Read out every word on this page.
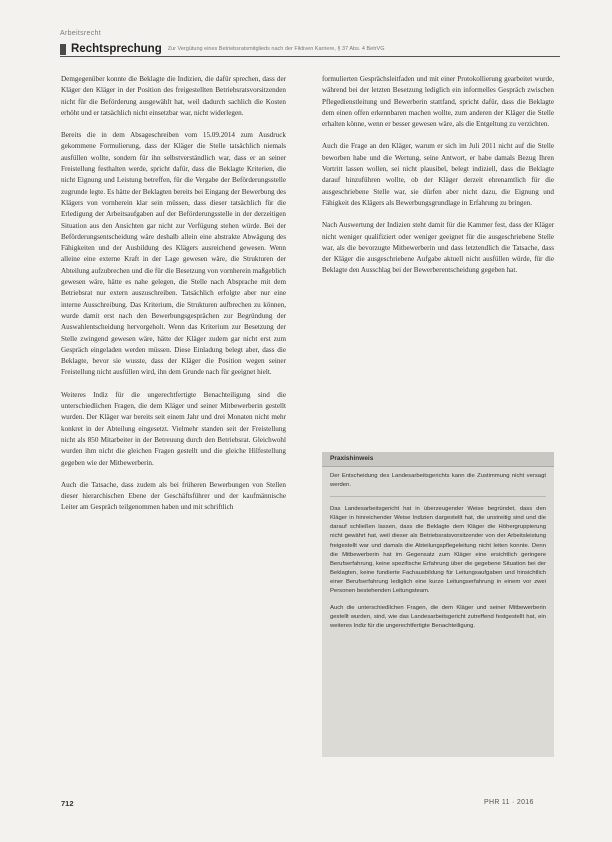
Arbeitsrecht
Rechtsprechung Zur Vergütung eines Betriebsratsmitglieds nach der Fiktiven Karriere, § 37 Abs. 4 BetrVG

Demgegenüber konnte die Beklagte die Indizien, die dafür sprechen, dass der Kläger den Kläger in der Position des freigestellten Betriebsratsvorsitzenden nicht für die Beförderung ausgewählt hat, weil dadurch sachlich die Kosten erhöht und er tatsächlich nicht einsetzbar war, nicht widerlegen.

Bereits die in dem Absageschreiben vom 15.09.2014 zum Ausdruck gekommene Formulierung, dass der Kläger die Stelle tatsächlich niemals ausfüllen wollte, sondern für ihn selbstverständlich war, dass er an seiner Freistellung festhalten werde, spricht dafür, dass die Beklagte Kriterien, die nicht Eignung und Leistung betreffen, für die Vergabe der Beförderungsstelle zugrunde legte. Es hätte der Beklagten bereits bei Eingang der Bewerbung des Klägers von vornherein klar sein müssen, dass dieser tatsächlich für die Erledigung der Arbeitsaufgaben auf der Beförderungsstelle in der derzeitigen Situation aus den Ansichten gar nicht zur Verfügung stehen würde. Bei der Beförderungsentscheidung wäre deshalb allein eine abstrakte Abwägung des Fähigkeiten und der Ausbildung des Klägers ausreichend gewesen. Wenn alleine eine externe Kraft in der Lage gewesen wäre, die Strukturen der Abteilung aufzubrechen und die für die Besetzung von vornherein maßgeblich gewesen wäre, hätte es nahe gelegen, die Stelle nach Absprache mit dem Betriebsrat nur extern auszuschreiben. Tatsächlich erfolgte aber nur eine interne Ausschreibung. Das Kriterium, die Strukturen aufbrechen zu können, wurde damit erst nach den Bewerbungsgesprächen zur Begründung der Auswahlentscheidung hervorgeholt. Wenn das Kriterium zur Besetzung der Stelle zwingend gewesen wäre, hätte der Kläger zudem gar nicht erst zum Gespräch eingeladen werden müssen. Diese Einladung belegt aber, dass die Beklagte, bevor sie wusste, dass der Kläger die Position wegen seiner Freistellung nicht ausfüllen wird, ihn dem Grunde nach für geeignet hielt.

Weiteres Indiz für die ungerechtfertigte Benachteiligung sind die unterschiedlichen Fragen, die dem Kläger und seiner Mitbewerberin gestellt wurden. Der Kläger war bereits seit einem Jahr und drei Monaten nicht mehr konkret in der Abteilung eingesetzt. Vielmehr standen seit der Freistellung nicht als 850 Mitarbeiter in der Betreuung durch den Betriebsrat. Gleichwohl wurden ihm nicht die gleichen Fragen gestellt und die gleiche Hilfestellung gegeben wie der Mitbewerberin.

Auch die Tatsache, dass zudem als bei früheren Bewerbungen von Stellen dieser hierarchischen Ebene der Geschäftsführer und der kaufmännische Leiter am Gespräch teilgenommen haben und mit schriftlich

formulierten Gesprächsleitfaden und mit einer Protokollierung gearbeitet wurde, während bei der letzten Besetzung lediglich ein informelles Gespräch zwischen Pflegedienstleitung und Bewerberin stattfand, spricht dafür, dass die Beklagte dem einen offen erkennbaren machen wollte, zum anderen der Kläger die Stelle erhalten könne, wenn er besser gewesen wäre, als die Entgeltung zu verzichten.

Auch die Frage an den Kläger, warum er sich im Juli 2011 nicht auf die Stelle beworben habe und die Wertung, seine Antwort, er habe damals Bezug Ihren Vortritt lassen wollen, sei nicht plausibel, belegt indiziell, dass die Beklagte darauf hinzuführen wollte, ob der Kläger derzeit ehrenamtlich für die ausgeschriebene Stelle war, sie dürfen aber nicht dazu, die Eignung und Fähigkeit des Klägers als Bewerbungsgrundlage in Erfahrung zu bringen.

Nach Auswertung der Indizien steht damit für die Kammer fest, dass der Kläger nicht weniger qualifiziert oder weniger geeignet für die ausgeschriebene Stelle war, als die bevorzugte Mitbewerberin und dass letztendlich die Tatsache, dass der Kläger die ausgeschriebene Aufgabe aktuell nicht ausfüllen würde, für die Beklagte den Ausschlag bei der Bewerberentscheidung gegeben hat.

Praxishinweis

Der Entscheidung des Landesarbeitsgerichts kann die Zustimmung nicht versagt werden.

Das Landesarbeitsgericht hat in überzeugender Weise begründet, dass den Kläger in hinreichender Weise Indizien dargestellt hat, die unstreitig sind und die darauf schließen lassen, dass die Beklagte dem Kläger die Höhergruppierung nicht gewährt hat, weil dieser als Betriebsratsvorsitzender von der Arbeitsleistung freigestellt war und damals die Abteilungspflegeleitung nicht leiten konnte. Denn die Mitbewerberin hat im Gegensatz zum Kläger eine ersichtlich geringere Berufserfahrung, keine spezifische Erfahrung über die gegebene Situation bei der Beklagten, keine fundierte Fachausbildung für Leitungsaufgaben und hinsichtlich einer Berufserfahrung lediglich eine kurze Leitungserfahrung in einem vor zwei Personen bestehenden Leitungsteam.

Auch die unterschiedlichen Fragen, die dem Kläger und seiner Mitbewerberin gestellt wurden, sind, wie das Landesarbeitsgericht zutreffend festgestellt hat, ein weiteres Indiz für die ungerechtfertigte Benachteiligung.

712	PHR 11 · 2016
